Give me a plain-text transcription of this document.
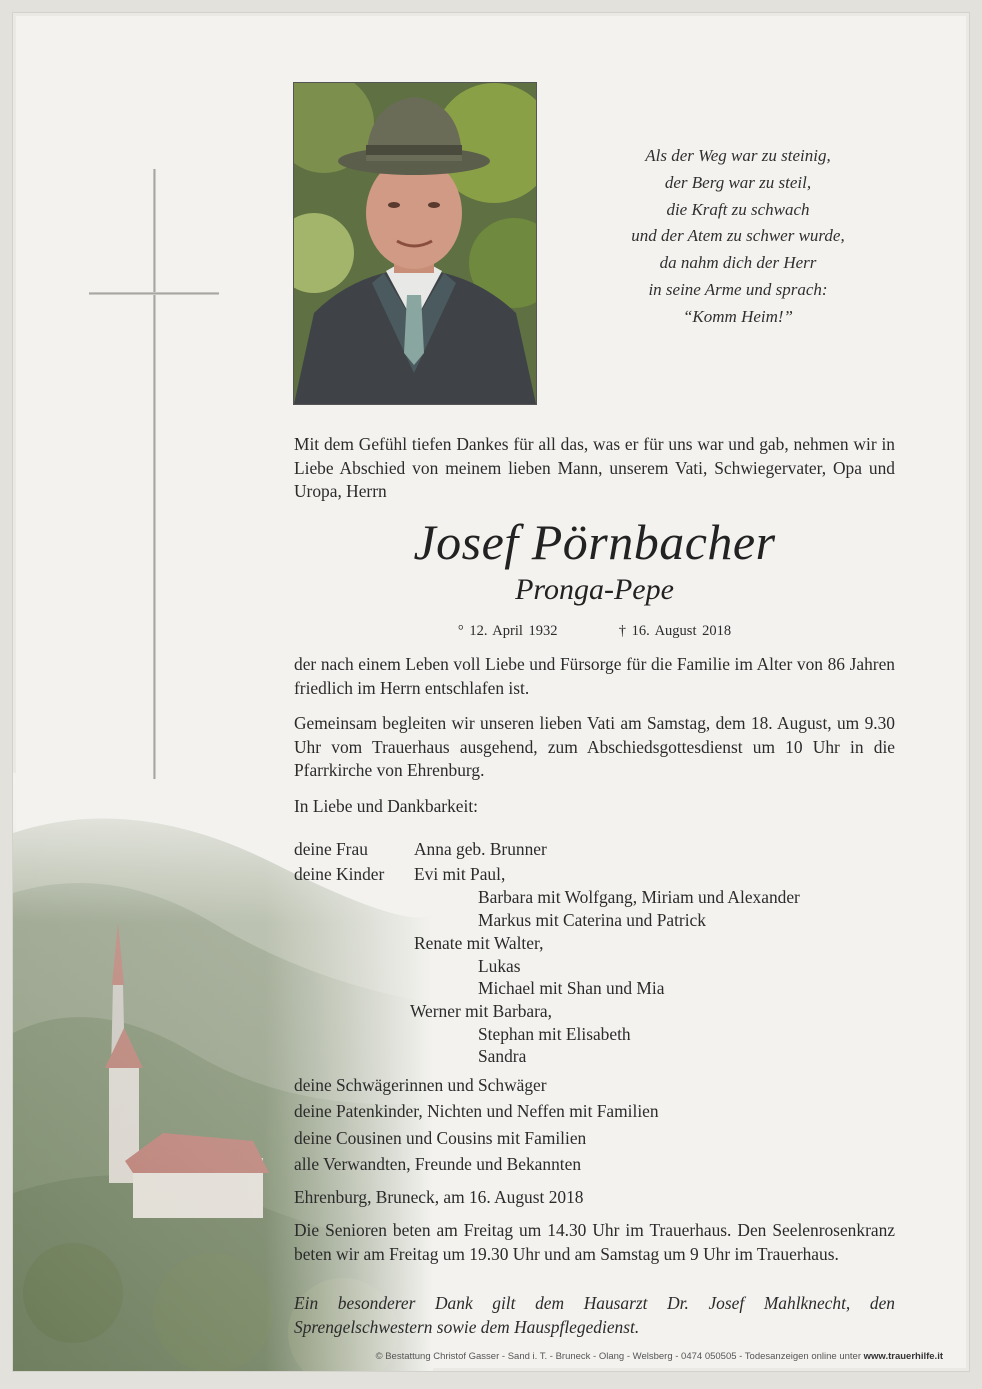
Als der Weg war zu steinig,
der Berg war zu steil,
die Kraft zu schwach
und der Atem zu schwer wurde,
da nahm dich der Herr
in seine Arme und sprach:
“Komm Heim!”

Mit dem Gefühl tiefen Dankes für all das, was er für uns war und gab, nehmen wir in Liebe Abschied von meinem lieben Mann, unserem Vati, Schwiegervater, Opa und Uropa, Herrn

Josef Pörnbacher
Pronga-Pepe
° 12. April 1932	† 16. August 2018

der nach einem Leben voll Liebe und Fürsorge für die Familie im Alter von 86 Jahren friedlich im Herrn entschlafen ist.

Gemeinsam begleiten wir unseren lieben Vati am Samstag, dem 18. August, um 9.30 Uhr vom Trauerhaus ausgehend, zum Abschiedsgottesdienst um 10 Uhr in die Pfarrkirche von Ehrenburg.

In Liebe und Dankbarkeit:

deine Frau	Anna geb. Brunner
deine Kinder Evi mit Paul,
Barbara mit Wolfgang, Miriam und Alexander
Markus mit Caterina und Patrick
Renate mit Walter,
Lukas
Michael mit Shan und Mia
Werner mit Barbara,
Stephan mit Elisabeth
Sandra
deine Schwägerinnen und Schwäger
deine Patenkinder, Nichten und Neffen mit Familien
deine Cousinen und Cousins mit Familien
alle Verwandten, Freunde und Bekannten
Ehrenburg, Bruneck, am 16. August 2018

Die Senioren beten am Freitag um 14.30 Uhr im Trauerhaus. Den Seelenrosenkranz beten wir am Freitag um 19.30 Uhr und am Samstag um 9 Uhr im Trauerhaus.

Ein besonderer Dank gilt dem Hausarzt Dr. Josef Mahlknecht, den Sprengelschwestern sowie dem Hauspflegedienst.

© Bestattung Christof Gasser - Sand i. T. - Bruneck - Olang - Welsberg - 0474 050505 - Todesanzeigen online unter www.trauerhilfe.it
